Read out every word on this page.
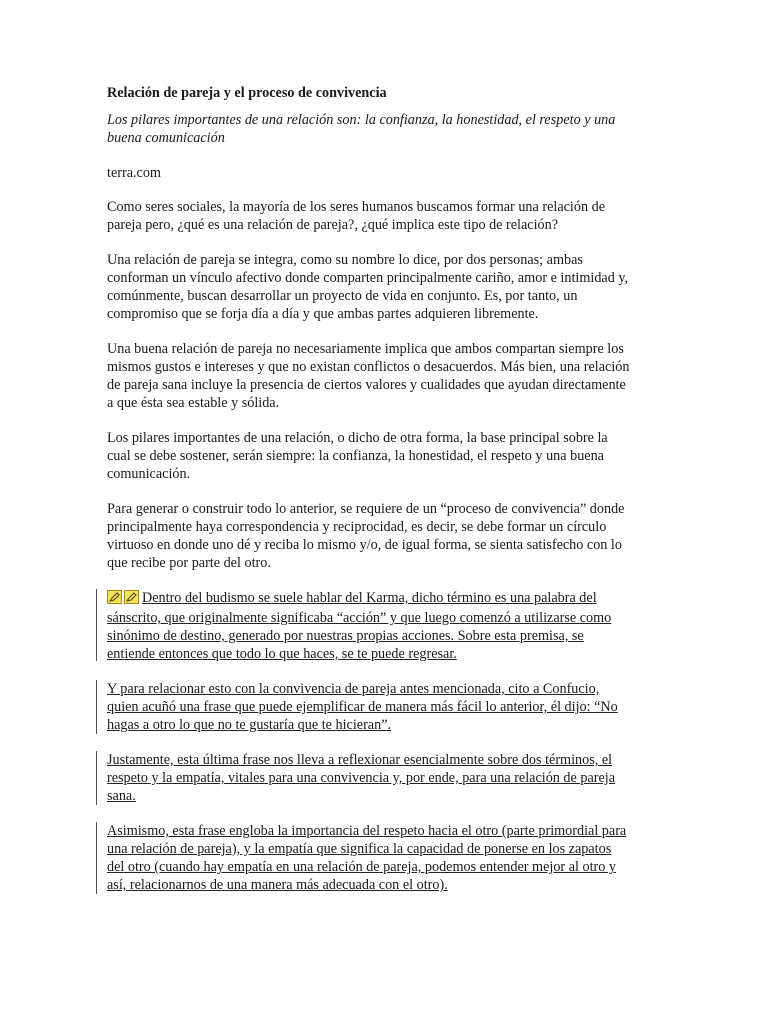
Relación de pareja y el proceso de convivencia
Los pilares importantes de una relación son: la confianza, la honestidad, el respeto y una
buena comunicación
terra.com

Como seres sociales, la mayoría de los seres humanos buscamos formar una relación de
pareja pero, ¿qué es una relación de pareja?, ¿qué implica este tipo de relación?

Una relación de pareja se integra, como su nombre lo dice, por dos personas; ambas
conforman un vínculo afectivo donde comparten principalmente cariño, amor e intimidad y,
comúnmente, buscan desarrollar un proyecto de vida en conjunto. Es, por tanto, un
compromiso que se forja día a día y que ambas partes adquieren libremente.

Una buena relación de pareja no necesariamente implica que ambos compartan siempre los
mismos gustos e intereses y que no existan conflictos o desacuerdos. Más bien, una relación
de pareja sana incluye la presencia de ciertos valores y cualidades que ayudan directamente
a que ésta sea estable y sólida.

Los pilares importantes de una relación, o dicho de otra forma, la base principal sobre la
cual se debe sostener, serán siempre: la confianza, la honestidad, el respeto y una buena
comunicación.

Para generar o construir todo lo anterior, se requiere de un “proceso de convivencia” donde
principalmente haya correspondencia y reciprocidad, es decir, se debe formar un círculo
virtuoso en donde uno dé y reciba lo mismo y/o, de igual forma, se sienta satisfecho con lo
que recibe por parte del otro.

Dentro del budismo se suele hablar del Karma, dicho término es una palabra del
sánscrito, que originalmente significaba “acción” y que luego comenzó a utilizarse como
sinónimo de destino, generado por nuestras propias acciones. Sobre esta premisa, se
entiende entonces que todo lo que haces, se te puede regresar.
Y para relacionar esto con la convivencia de pareja antes mencionada, cito a Confucio,
quien acuñó una frase que puede ejemplificar de manera más fácil lo anterior, él dijo: “No
hagas a otro lo que no te gustaría que te hicieran”.
Justamente, esta última frase nos lleva a reflexionar esencialmente sobre dos términos, el
respeto y la empatía, vitales para una convivencia y, por ende, para una relación de pareja
sana.
Asimismo, esta frase engloba la importancia del respeto hacia el otro (parte primordial para
una relación de pareja), y la empatía que significa la capacidad de ponerse en los zapatos
del otro (cuando hay empatía en una relación de pareja, podemos entender mejor al otro y
así, relacionarnos de una manera más adecuada con el otro).
